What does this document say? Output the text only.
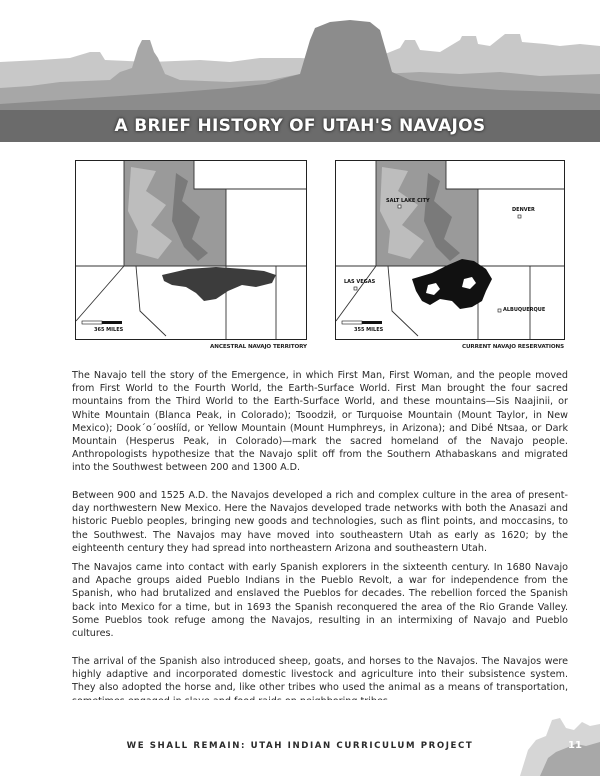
A BRIEF HISTORY OF UTAH'S NAVAJOS
365 MILES
ANCESTRAL NAVAJO TERRITORY
SALT LAKE CITY
DENVER
LAS VEGAS
ALBUQUERQUE
355 MILES
CURRENT NAVAJO RESERVATIONS

The Navajo tell the story of the Emergence, in which First Man, First Woman, and the people moved from First World to the Fourth World, the Earth-Surface World. First Man brought the four sacred mountains from the Third World to the Earth-Surface World, and these mountains—Sis Naajinii, or White Mountain (Blanca Peak, in Colorado); Tsoodził, or Turquoise Mountain (Mount Taylor, in New Mexico); Dook´o´oosłííd, or Yellow Mountain (Mount Humphreys, in Arizona); and Dibé Ntsaa, or Dark Mountain (Hesperus Peak, in Colorado)—mark the sacred homeland of the Navajo people. Anthropologists hypothesize that the Navajo split off from the Southern Athabaskans and migrated into the Southwest between 200 and 1300 A.D.

Between 900 and 1525 A.D. the Navajos developed a rich and complex culture in the area of present-day northwestern New Mexico. Here the Navajos developed trade networks with both the Anasazi and historic Pueblo peoples, bringing new goods and technologies, such as flint points, and moccasins, to the Southwest. The Navajos may have moved into southeastern Utah as early as 1620; by the eighteenth century they had spread into northeastern Arizona and southeastern Utah.

The Navajos came into contact with early Spanish explorers in the sixteenth century. In 1680 Navajo and Apache groups aided Pueblo Indians in the Pueblo Revolt, a war for independence from the Spanish, who had brutalized and enslaved the Pueblos for decades. The rebellion forced the Spanish back into Mexico for a time, but in 1693 the Spanish reconquered the area of the Rio Grande Valley. Some Pueblos took refuge among the Navajos, resulting in an intermixing of Navajo and Pueblo cultures.

The arrival of the Spanish also introduced sheep, goats, and horses to the Navajos. The Navajos were highly adaptive and incorporated domestic livestock and agriculture into their subsistence system. They also adopted the horse and, like other tribes who used the animal as a means of transportation,

WE SHALL REMAIN: UTAH INDIAN CURRICULUM PROJECT	11
